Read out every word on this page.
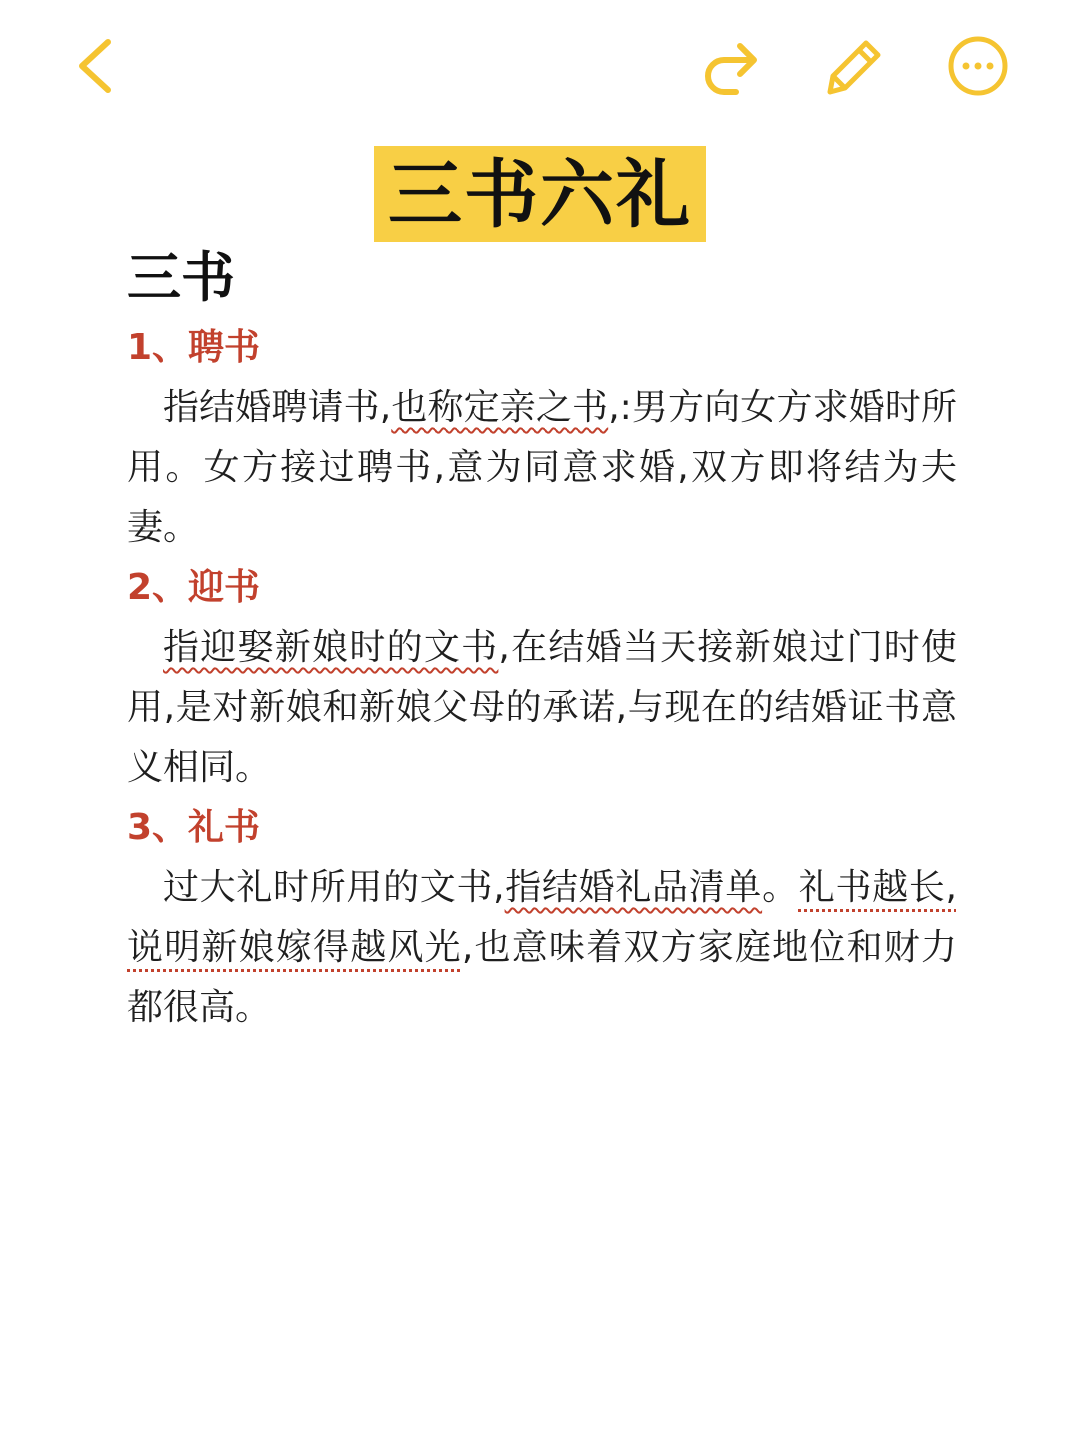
三书六礼
三书
1、聘书

指结婚聘请书,也称定亲之书,:男方向女方求婚时所用。女方接过聘书,意为同意求婚,双方即将结为夫妻。

2、迎书

指迎娶新娘时的文书,在结婚当天接新娘过门时使用,是对新娘和新娘父母的承诺,与现在的结婚证书意义相同。

3、礼书

过大礼时所用的文书,指结婚礼品清单。礼书越长,说明新娘嫁得越风光,也意味着双方家庭地位和财力都很高。
